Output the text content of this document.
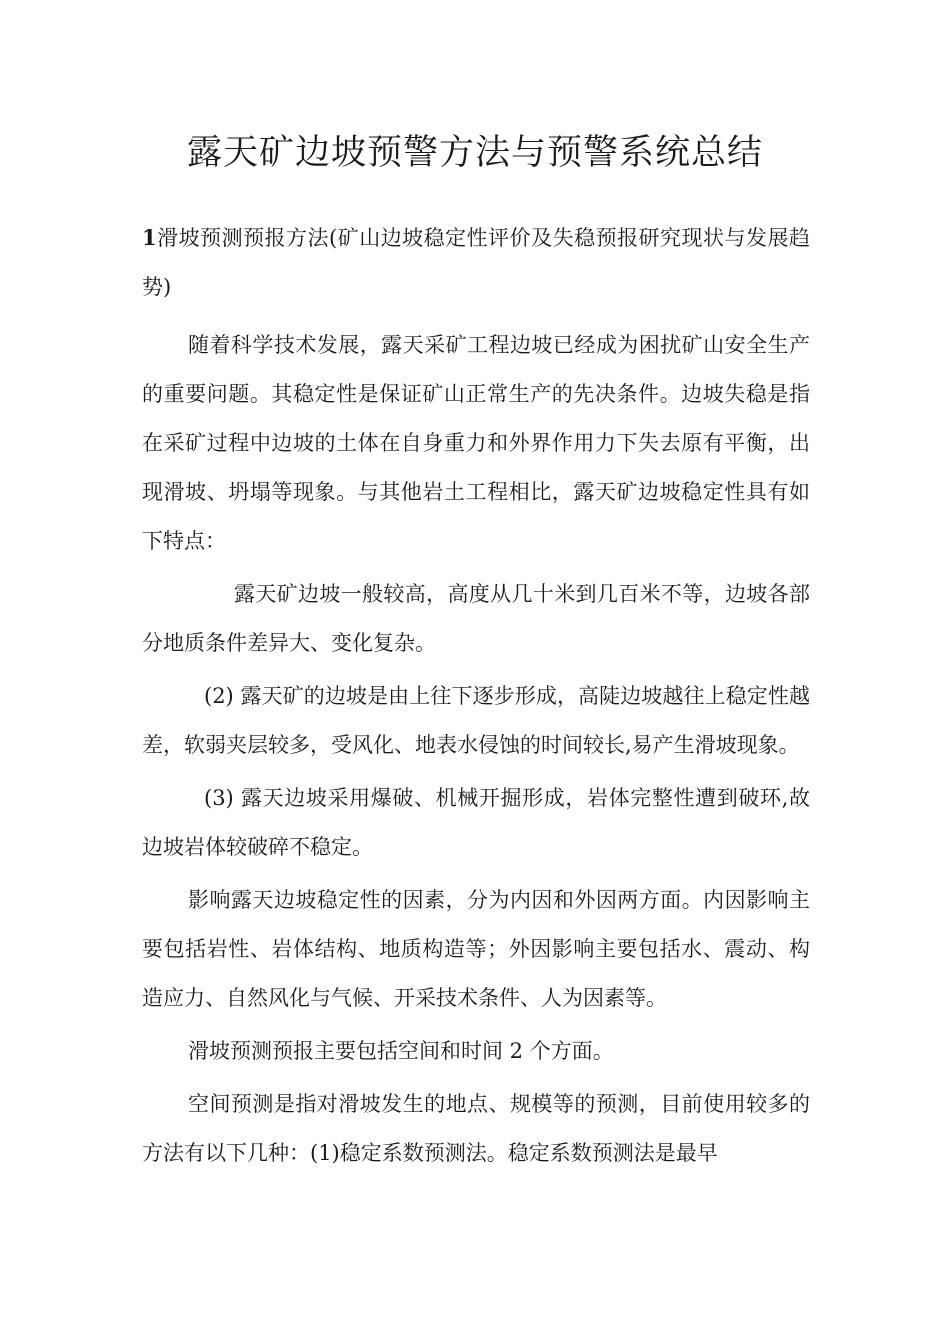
露天矿边坡预警方法与预警系统总结

1滑坡预测预报方法(矿山边坡稳定性评价及失稳预报研究现状与发展趋势)

随着科学技术发展，露天采矿工程边坡已经成为困扰矿山安全生产的重要问题。其稳定性是保证矿山正常生产的先决条件。边坡失稳是指在采矿过程中边坡的土体在自身重力和外界作用力下失去原有平衡，出现滑坡、坍塌等现象。与其他岩土工程相比，露天矿边坡稳定性具有如下特点：

露天矿边坡一般较高，高度从几十米到几百米不等，边坡各部分地质条件差异大、变化复杂。

(2) 露天矿的边坡是由上往下逐步形成，高陡边坡越往上稳定性越差，软弱夹层较多，受风化、地表水侵蚀的时间较长,易产生滑坡现象。

(3) 露天边坡采用爆破、机械开掘形成，岩体完整性遭到破环,故边坡岩体较破碎不稳定。

影响露天边坡稳定性的因素，分为内因和外因两方面。内因影响主要包括岩性、岩体结构、地质构造等；外因影响主要包括水、震动、构造应力、自然风化与气候、开采技术条件、人为因素等。

滑坡预测预报主要包括空间和时间 2 个方面。

空间预测是指对滑坡发生的地点、规模等的预测，目前使用较多的方法有以下几种：(1)稳定系数预测法。稳定系数预测法是最早
